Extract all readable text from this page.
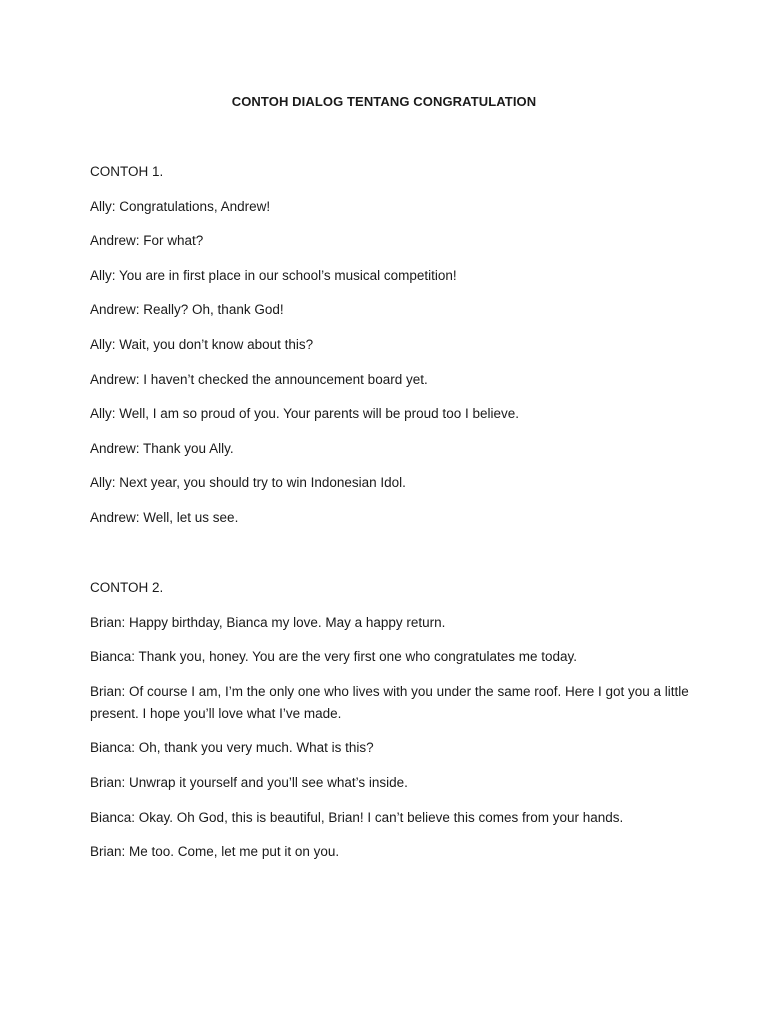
CONTOH DIALOG TENTANG CONGRATULATION

CONTOH 1.

Ally: Congratulations, Andrew!

Andrew: For what?

Ally: You are in first place in our school’s musical competition!

Andrew: Really? Oh, thank God!

Ally: Wait, you don’t know about this?

Andrew: I haven’t checked the announcement board yet.

Ally: Well, I am so proud of you. Your parents will be proud too I believe.

Andrew: Thank you Ally.

Ally: Next year, you should try to win Indonesian Idol.

Andrew: Well, let us see.

CONTOH 2.

Brian: Happy birthday, Bianca my love. May a happy return.

Bianca: Thank you, honey. You are the very first one who congratulates me today.

Brian: Of course I am, I’m the only one who lives with you under the same roof. Here I got you a little present. I hope you’ll love what I’ve made.

Bianca: Oh, thank you very much. What is this?

Brian: Unwrap it yourself and you’ll see what’s inside.

Bianca: Okay. Oh God, this is beautiful, Brian! I can’t believe this comes from your hands.

Brian: Me too. Come, let me put it on you.
